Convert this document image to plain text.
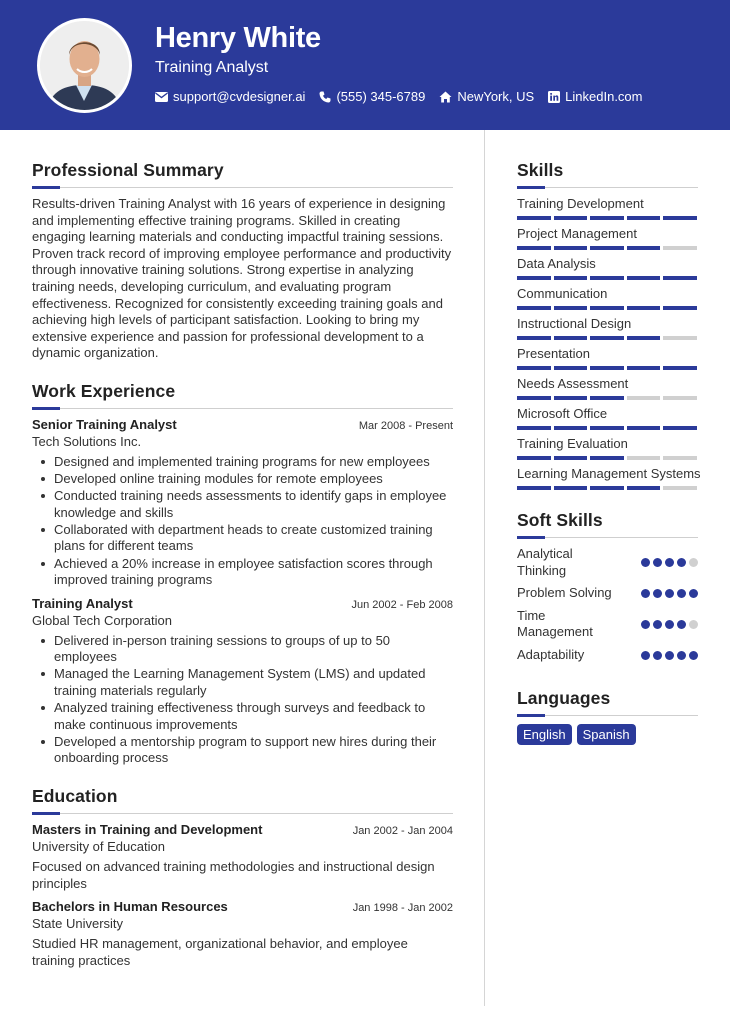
Henry White
Training Analyst
support@cvdesigner.ai (555) 345-6789 NewYork, US LinkedIn.com
Professional Summary
Results-driven Training Analyst with 16 years of experience in designing and implementing effective training programs. Skilled in creating engaging learning materials and conducting impactful training sessions. Proven track record of improving employee performance and productivity through innovative training solutions. Strong expertise in analyzing training needs, developing curriculum, and evaluating program effectiveness. Recognized for consistently exceeding training goals and achieving high levels of participant satisfaction. Looking to bring my extensive experience and passion for professional development to a dynamic organization.
Work Experience
Senior Training Analyst	Mar 2008 - Present
Tech Solutions Inc.
Designed and implemented training programs for new employees
Developed online training modules for remote employees
Conducted training needs assessments to identify gaps in employee knowledge and skills
Collaborated with department heads to create customized training plans for different teams
Achieved a 20% increase in employee satisfaction scores through improved training programs
Training Analyst	Jun 2002 - Feb 2008
Global Tech Corporation
Delivered in-person training sessions to groups of up to 50 employees
Managed the Learning Management System (LMS) and updated training materials regularly
Analyzed training effectiveness through surveys and feedback to make continuous improvements
Developed a mentorship program to support new hires during their onboarding process
Education
Masters in Training and Development	Jan 2002 - Jan 2004
University of Education
Focused on advanced training methodologies and instructional design principles
Bachelors in Human Resources	Jan 1998 - Jan 2002
State University
Studied HR management, organizational behavior, and employee training practices
Skills
Training Development
Project Management
Data Analysis
Communication
Instructional Design
Presentation
Needs Assessment
Microsoft Office
Training Evaluation
Learning Management Systems
Soft Skills
Analytical Thinking
Problem Solving
Time Management
Adaptability
Languages
English	Spanish
